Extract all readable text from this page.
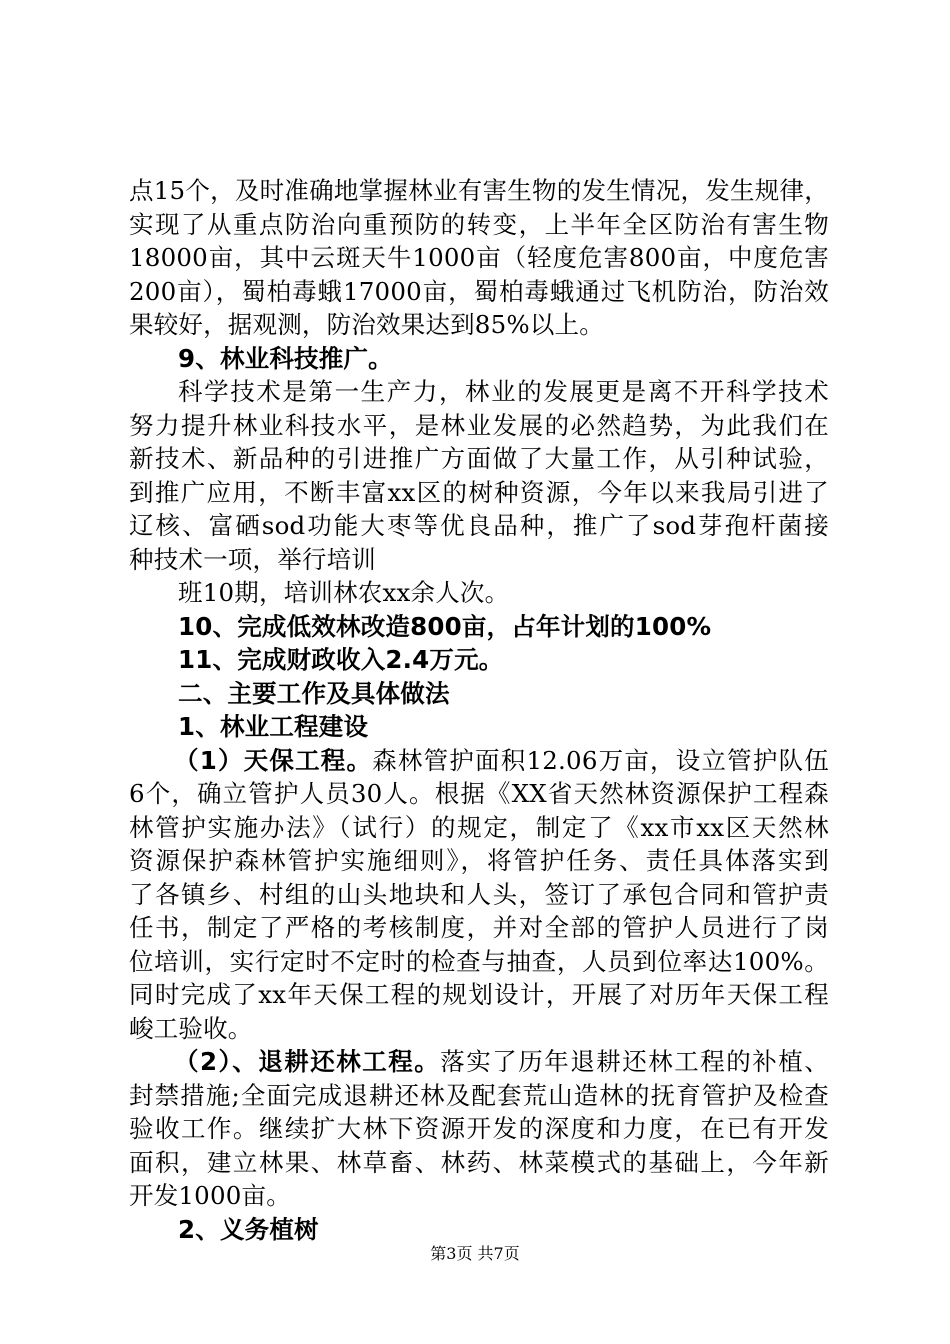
点15个，及时准确地掌握林业有害生物的发生情况，发生规律，
实现了从重点防治向重预防的转变，上半年全区防治有害生物
18000亩，其中云斑天牛1000亩（轻度危害800亩，中度危害
200亩），蜀柏毒蛾17000亩，蜀柏毒蛾通过飞机防治，防治效
果较好，据观测，防治效果达到85%以上。
9、林业科技推广。
科学技术是第一生产力，林业的发展更是离不开科学技术
努力提升林业科技水平，是林业发展的必然趋势，为此我们在
新技术、新品种的引进推广方面做了大量工作，从引种试验，
到推广应用，不断丰富xx区的树种资源，今年以来我局引进了
辽核、富硒sod功能大枣等优良品种，推广了sod芽孢杆菌接
种技术一项，举行培训
班10期，培训林农xx余人次。
10、完成低效林改造800亩，占年计划的100%
11、完成财政收入2.4万元。
二、主要工作及具体做法
1、林业工程建设
（1）天保工程。森林管护面积12.06万亩，设立管护队伍
6个，确立管护人员30人。根据《XX省天然林资源保护工程森
林管护实施办法》（试行）的规定，制定了《xx市xx区天然林
资源保护森林管护实施细则》，将管护任务、责任具体落实到
了各镇乡、村组的山头地块和人头，签订了承包合同和管护责
任书，制定了严格的考核制度，并对全部的管护人员进行了岗
位培训，实行定时不定时的检查与抽查，人员到位率达100%。
同时完成了xx年天保工程的规划设计，开展了对历年天保工程
峻工验收。
（2）、退耕还林工程。落实了历年退耕还林工程的补植、
封禁措施;全面完成退耕还林及配套荒山造林的抚育管护及检查
验收工作。继续扩大林下资源开发的深度和力度，在已有开发
面积，建立林果、林草畜、林药、林菜模式的基础上，今年新
开发1000亩。
2、义务植树
第3页 共7页
